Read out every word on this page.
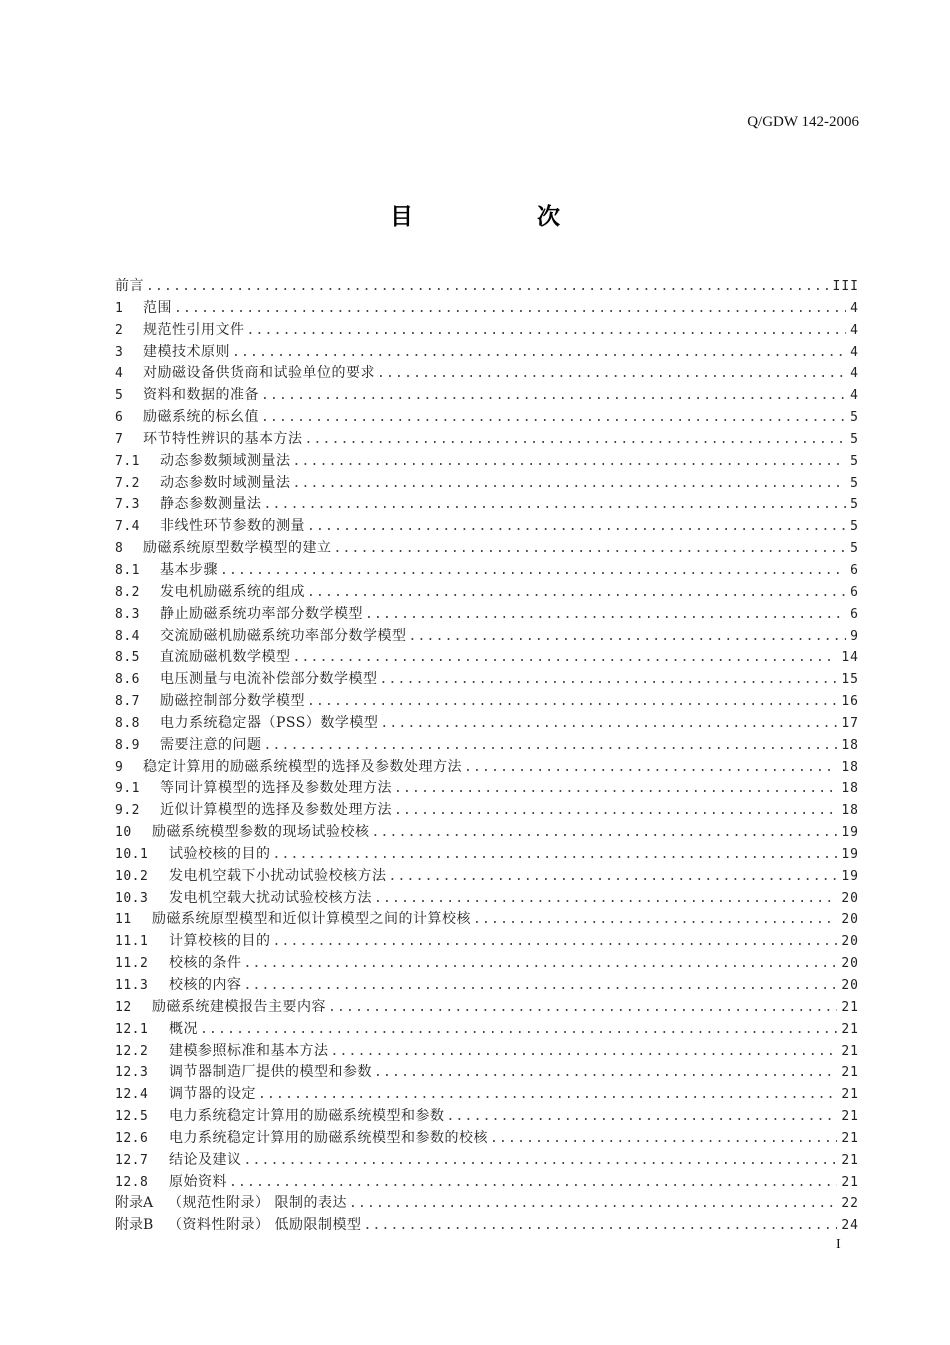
Q/GDW 142-2006
目 次
前言 .....	III
1	范围 .....	4
2	规范性引用文件 .....	4
3	建模技术原则 .....	4
4	对励磁设备供货商和试验单位的要求 .....	4
5	资料和数据的准备 .....	4
6	励磁系统的标幺值 .....	5
7	环节特性辨识的基本方法 .....	5
7.1	动态参数频域测量法 .....	5
7.2	动态参数时域测量法 .....	5
7.3	静态参数测量法 .....	5
7.4	非线性环节参数的测量 .....	5
8	励磁系统原型数学模型的建立 .....	5
8.1	基本步骤 .....	6
8.2	发电机励磁系统的组成 .....	6
8.3	静止励磁系统功率部分数学模型 .....	6
8.4	交流励磁机励磁系统功率部分数学模型 .....	9
8.5	直流励磁机数学模型 .....	14
8.6	电压测量与电流补偿部分数学模型 .....	15
8.7	励磁控制部分数学模型 .....	16
8.8	电力系统稳定器（PSS）数学模型 .....	17
8.9	需要注意的问题 .....	18
9	稳定计算用的励磁系统模型的选择及参数处理方法 .....	18
9.1	等同计算模型的选择及参数处理方法 .....	18
9.2	近似计算模型的选择及参数处理方法 .....	18
10	励磁系统模型参数的现场试验校核 .....	19
10.1	试验校核的目的 .....	19
10.2	发电机空载下小扰动试验校核方法 .....	19
10.3	发电机空载大扰动试验校核方法 .....	20
11	励磁系统原型模型和近似计算模型之间的计算校核 .....	20
11.1	计算校核的目的 .....	20
11.2	校核的条件 .....	20
11.3	校核的内容 .....	20
12	励磁系统建模报告主要内容 .....	21
12.1	概况 .....	21
12.2	建模参照标准和基本方法 .....	21
12.3	调节器制造厂提供的模型和参数 .....	21
12.4	调节器的设定 .....	21
12.5	电力系统稳定计算用的励磁系统模型和参数 .....	21
12.6	电力系统稳定计算用的励磁系统模型和参数的校核 .....	21
12.7	结论及建议 .....	21
12.8	原始资料 .....	21
附录A	（规范性附录） 限制的表达 .....	22
附录B	（资料性附录） 低励限制模型 .....	24
I
